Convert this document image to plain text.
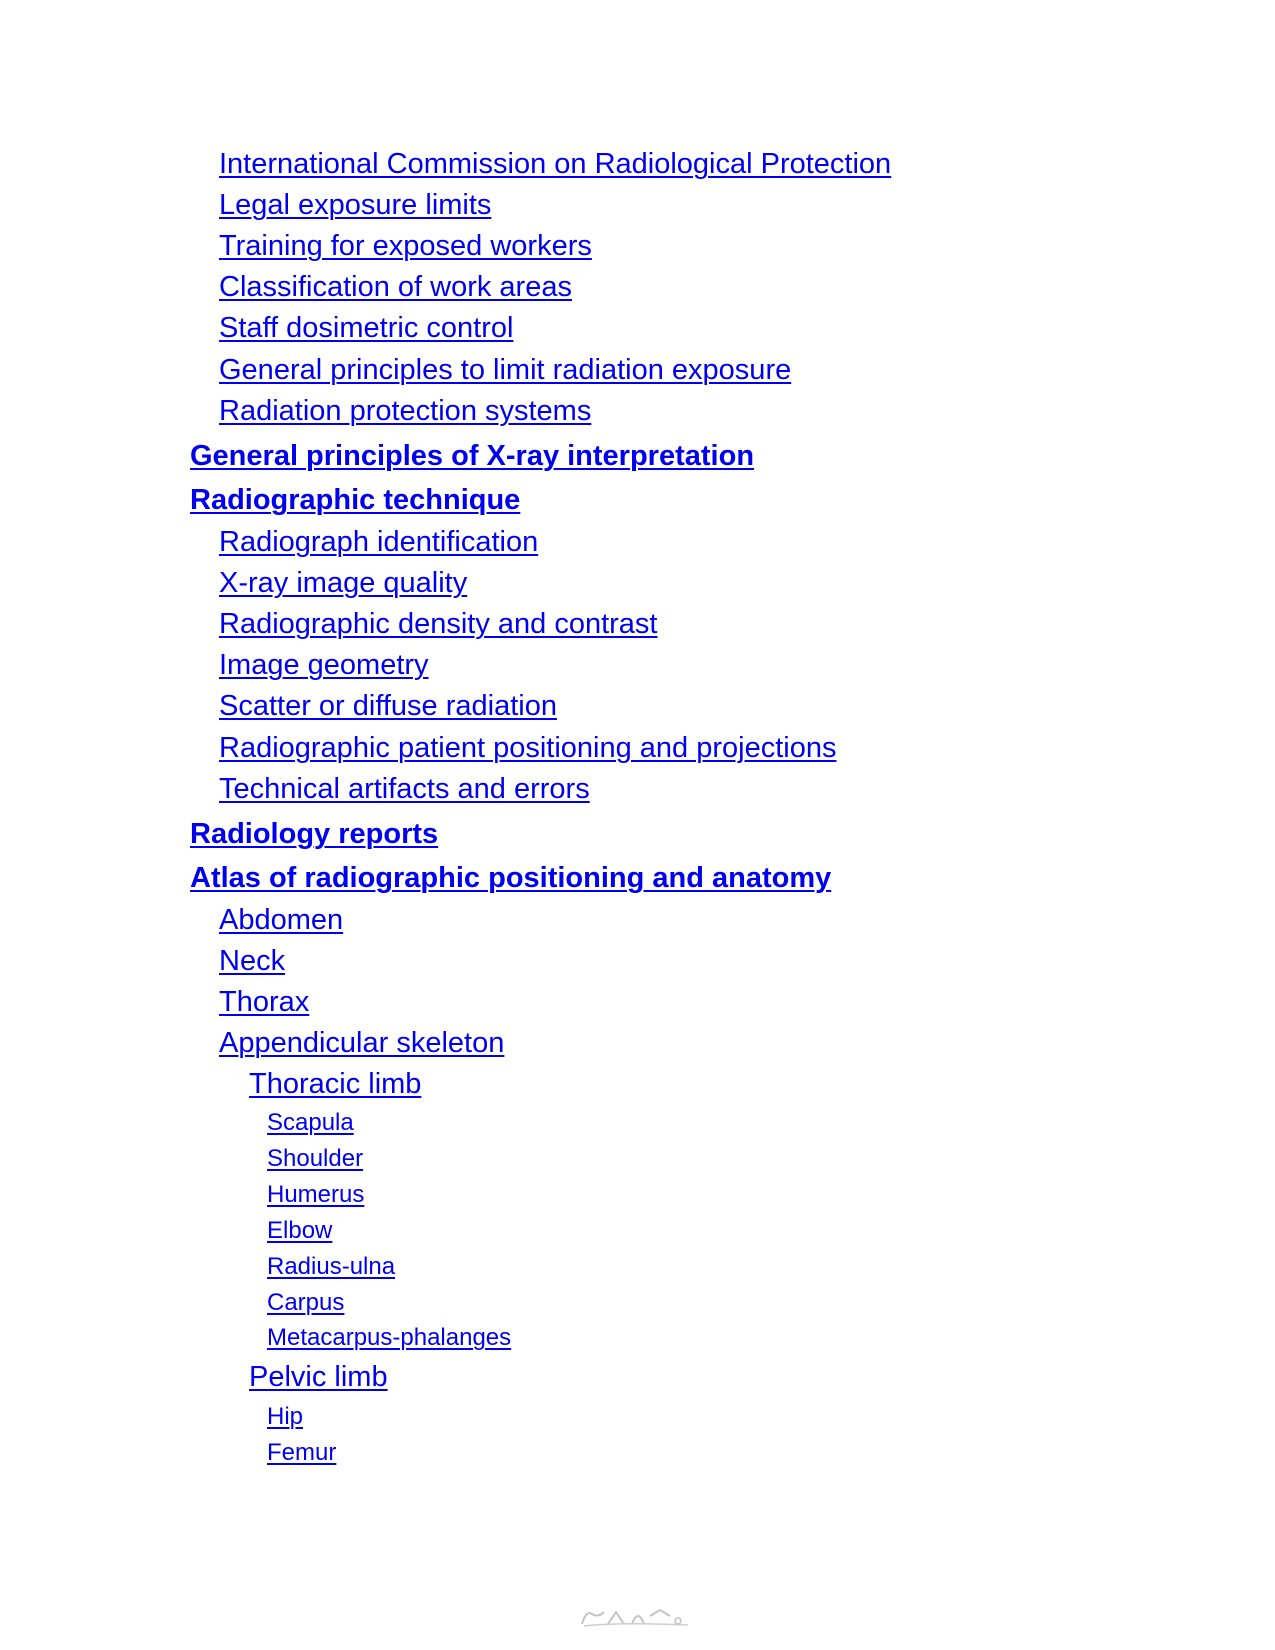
International Commission on Radiological Protection
Legal exposure limits
Training for exposed workers
Classification of work areas
Staff dosimetric control
General principles to limit radiation exposure
Radiation protection systems
General principles of X-ray interpretation
Radiographic technique
Radiograph identification
X-ray image quality
Radiographic density and contrast
Image geometry
Scatter or diffuse radiation
Radiographic patient positioning and projections
Technical artifacts and errors
Radiology reports
Atlas of radiographic positioning and anatomy
Abdomen
Neck
Thorax
Appendicular skeleton
Thoracic limb
Scapula
Shoulder
Humerus
Elbow
Radius-ulna
Carpus
Metacarpus-phalanges
Pelvic limb
Hip
Femur
